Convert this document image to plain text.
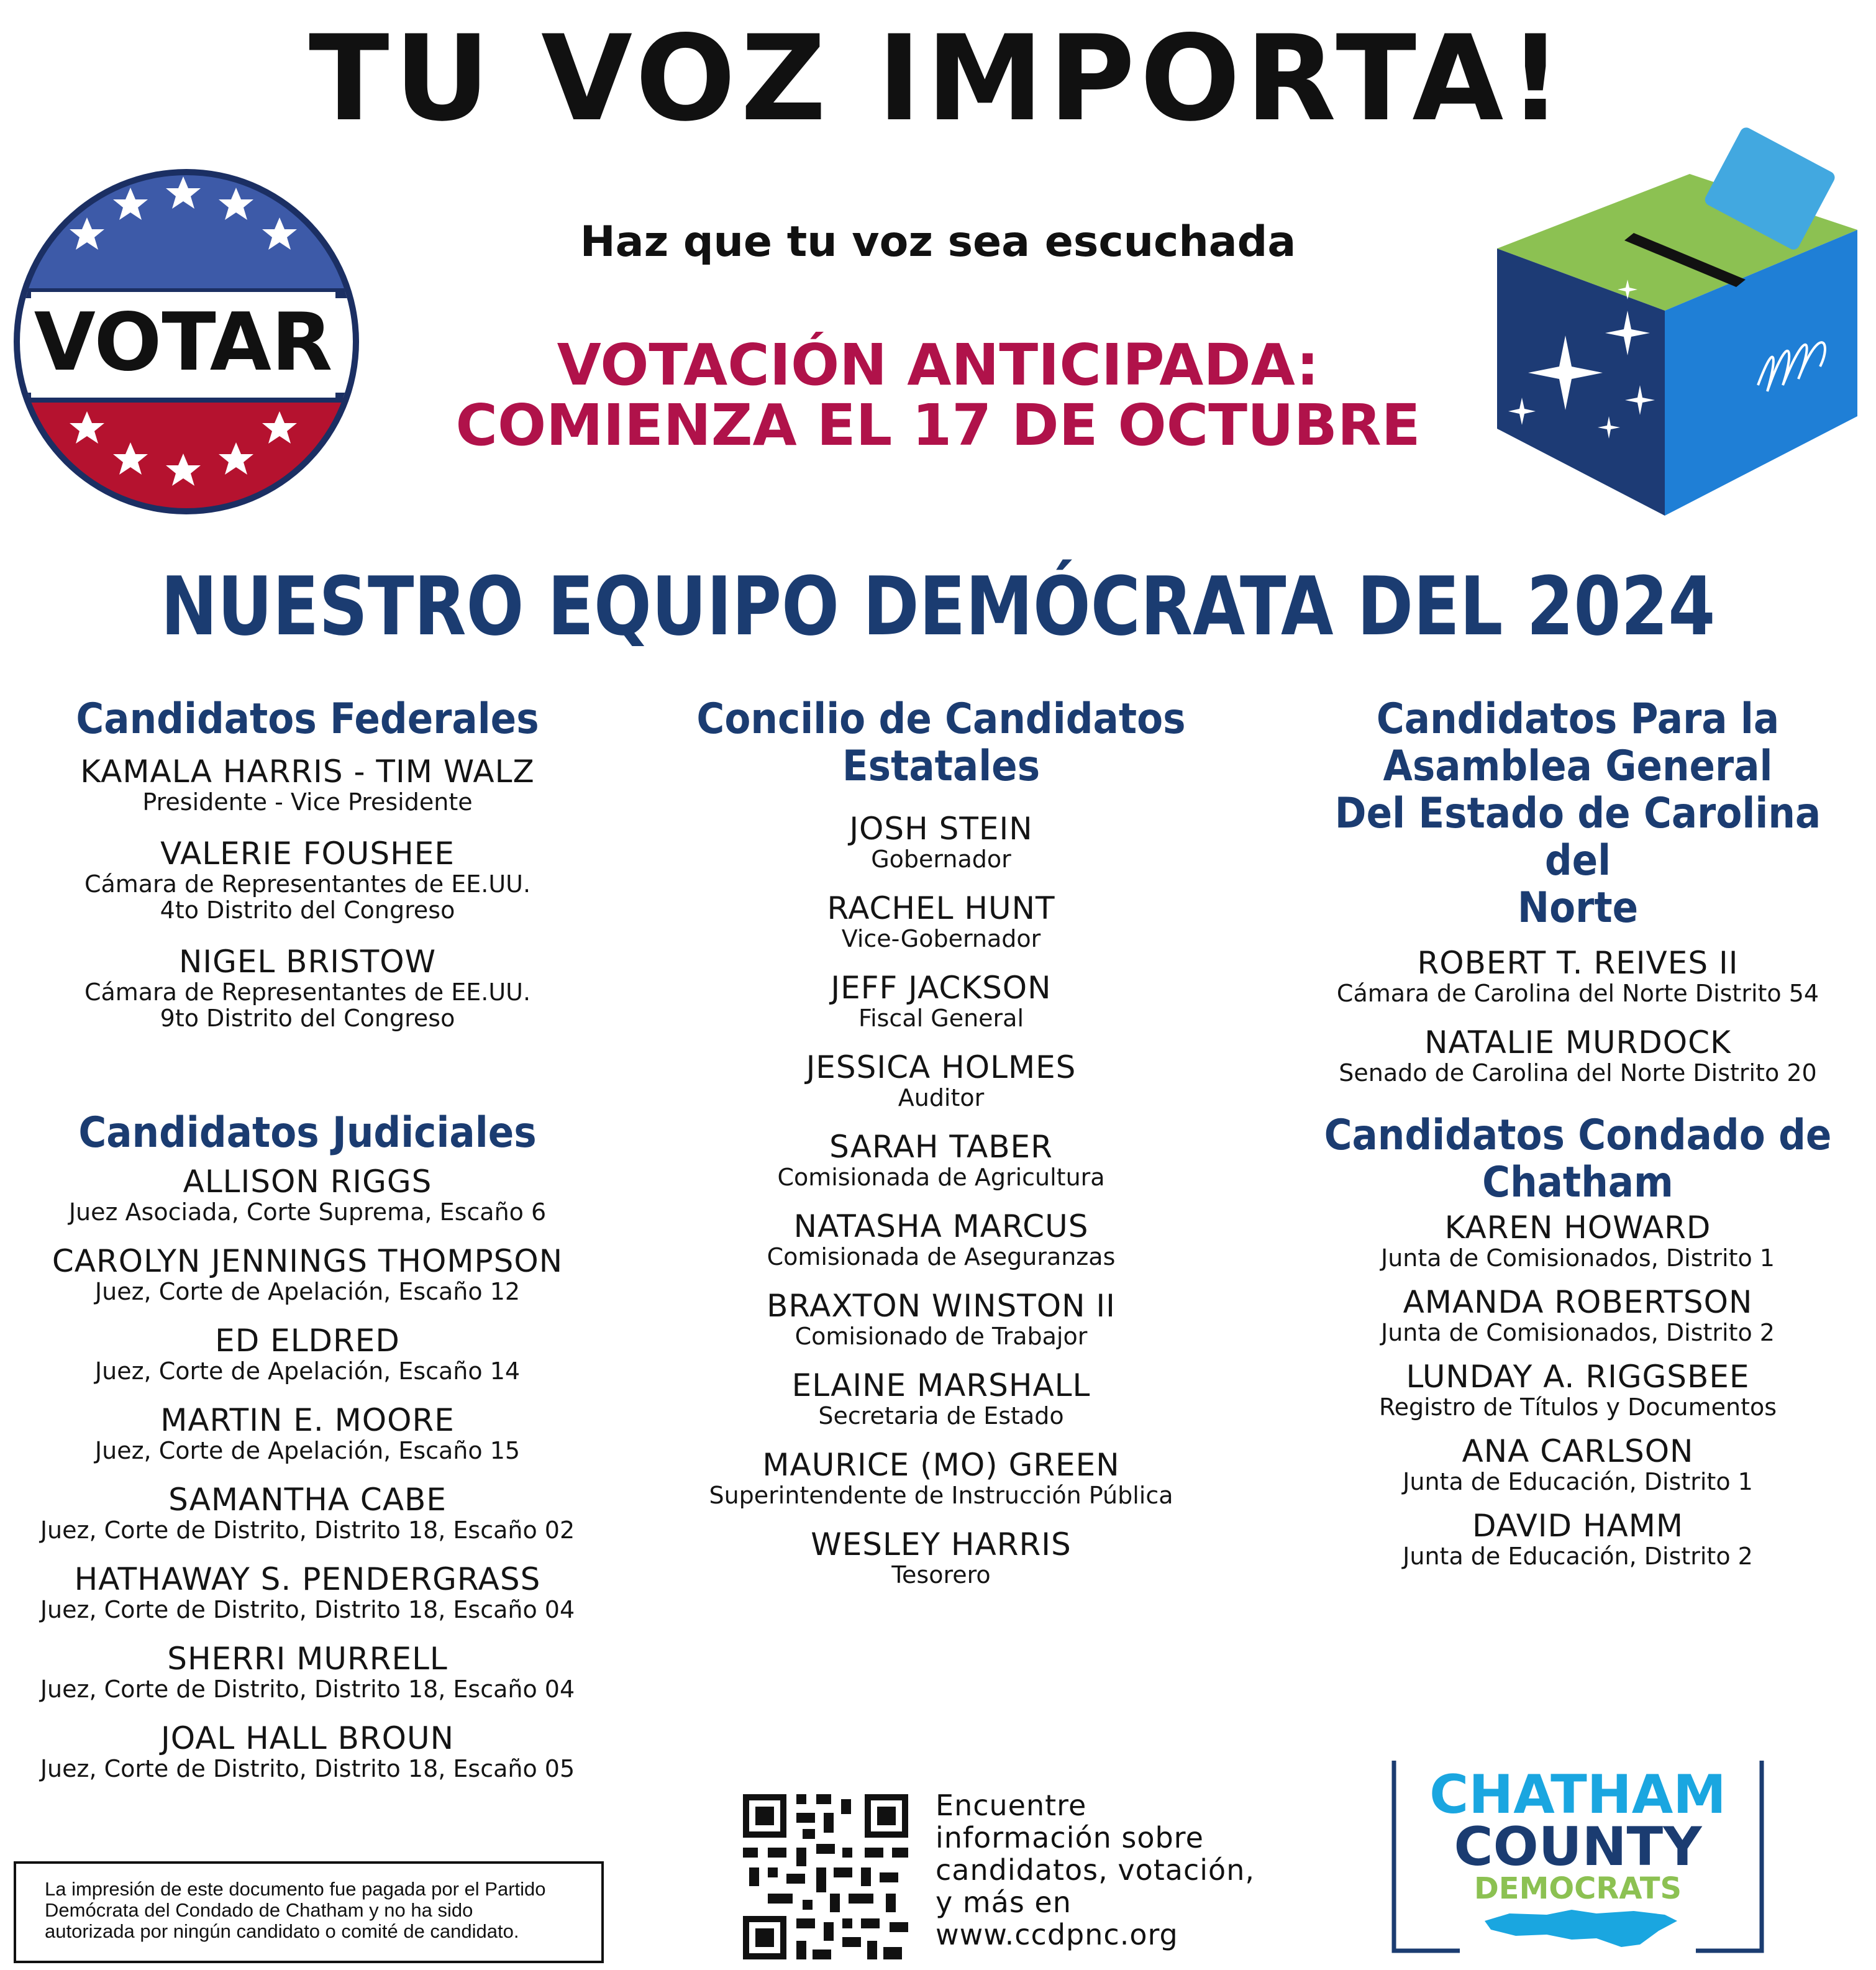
TU VOZ IMPORTA!
Haz que tu voz sea escuchada
VOTACIÓN ANTICIPADA:
COMIENZA EL 17 DE OCTUBRE
VOTAR
NUESTRO EQUIPO DEMÓCRATA DEL 2024
Candidatos Federales
KAMALA HARRIS - TIM WALZ
Presidente - Vice Presidente
VALERIE FOUSHEE
Cámara de Representantes de EE.UU.
4to Distrito del Congreso
NIGEL BRISTOW
Cámara de Representantes de EE.UU.
9to Distrito del Congreso
Candidatos Judiciales
ALLISON RIGGS
Juez Asociada, Corte Suprema, Escaño 6
CAROLYN JENNINGS THOMPSON
Juez, Corte de Apelación, Escaño 12
ED ELDRED
Juez, Corte de Apelación, Escaño 14
MARTIN E. MOORE
Juez, Corte de Apelación, Escaño 15
SAMANTHA CABE
Juez, Corte de Distrito, Distrito 18, Escaño 02
HATHAWAY S. PENDERGRASS
Juez, Corte de Distrito, Distrito 18, Escaño 04
SHERRI MURRELL
Juez, Corte de Distrito, Distrito 18, Escaño 04
JOAL HALL BROUN
Juez, Corte de Distrito, Distrito 18, Escaño 05
Concilio de Candidatos
Estatales
JOSH STEIN
Gobernador
RACHEL HUNT
Vice-Gobernador
JEFF JACKSON
Fiscal General
JESSICA HOLMES
Auditor
SARAH TABER
Comisionada de Agricultura
NATASHA MARCUS
Comisionada de Aseguranzas
BRAXTON WINSTON II
Comisionado de Trabajor
ELAINE MARSHALL
Secretaria de Estado
MAURICE (MO) GREEN
Superintendente de Instrucción Pública
WESLEY HARRIS
Tesorero
Candidatos Para la
Asamblea General
Del Estado de Carolina del
Norte
ROBERT T. REIVES II
Cámara de Carolina del Norte Distrito 54
NATALIE MURDOCK
Senado de Carolina del Norte Distrito 20
Candidatos Condado de
Chatham
KAREN HOWARD
Junta de Comisionados, Distrito 1
AMANDA ROBERTSON
Junta de Comisionados, Distrito 2
LUNDAY A. RIGGSBEE
Registro de Títulos y Documentos
ANA CARLSON
Junta de Educación, Distrito 1
DAVID HAMM
Junta de Educación, Distrito 2
La impresión de este documento fue pagada por el Partido
Demócrata del Condado de Chatham y no ha sido
autorizada por ningún candidato o comité de candidato.
Encuentre
información sobre
candidatos, votación,
y más en
www.ccdpnc.org
CHATHAM
COUNTY
DEMOCRATS
